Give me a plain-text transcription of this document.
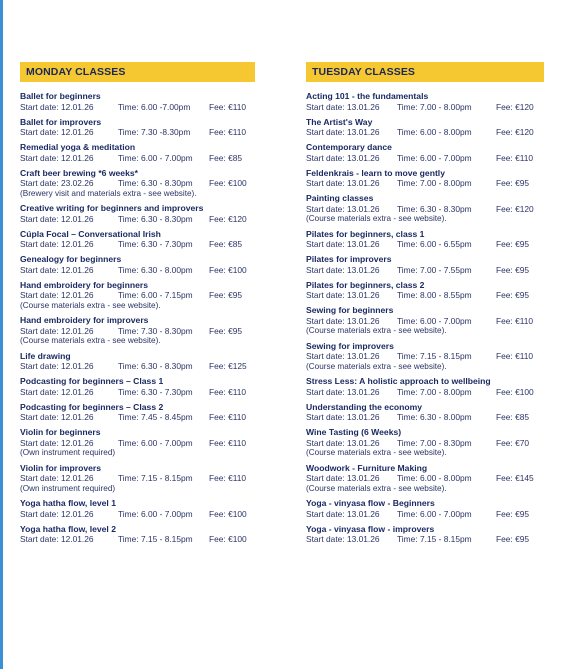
MONDAY CLASSES
Ballet for beginners
Start date: 12.01.26	Time: 6.00 -7.00pm Fee: €110
Ballet for improvers
Start date: 12.01.26	Time: 7.30 -8.30pm Fee: €110
Remedial yoga & meditation
Start date: 12.01.26	Time: 6.00 - 7.00pm Fee: €85
Craft beer brewing *6 weeks*
Start date: 23.02.26	Time: 6.30 - 8.30pm Fee: €100
(Brewery visit and materials extra - see website).
Creative writing for beginners and improvers
Start date: 12.01.26	Time: 6.30 - 8.30pm Fee: €120
Cúpla Focal – Conversational Irish
Start date: 12.01.26	Time: 6.30 - 7.30pm Fee: €85
Genealogy for beginners
Start date: 12.01.26	Time: 6.30 - 8.00pm Fee: €100
Hand embroidery for beginners
Start date: 12.01.26	Time: 6.00 - 7.15pm Fee: €95
(Course materials extra - see website).
Hand embroidery for improvers
Start date: 12.01.26	Time: 7.30 - 8.30pm Fee: €95
(Course materials extra - see website).
Life drawing
Start date: 12.01.26	Time: 6.30 - 8.30pm Fee: €125
Podcasting for beginners – Class 1
Start date: 12.01.26	Time: 6.30 - 7.30pm Fee: €110
Podcasting for beginners – Class 2
Start date: 12.01.26	Time: 7.45 - 8.45pm Fee: €110
Violin for beginners
Start date: 12.01.26	Time: 6.00 - 7.00pm Fee: €110
(Own instrument required)
Violin for improvers
Start date: 12.01.26	Time: 7.15 - 8.15pm Fee: €110
(Own instrument required)
Yoga hatha flow, level 1
Start date: 12.01.26	Time: 6.00 - 7.00pm Fee: €100
Yoga hatha flow, level 2
Start date: 12.01.26	Time: 7.15 - 8.15pm Fee: €100
TUESDAY CLASSES
Acting 101 - the fundamentals
Start date: 13.01.26 Time: 7.00 - 8.00pm	Fee: €120
The Artist's Way
Start date: 13.01.26 Time: 6.00 - 8.00pm	Fee: €120
Contemporary dance
Start date: 13.01.26 Time: 6.00 - 7.00pm	Fee: €110
Feldenkrais - learn to move gently
Start date: 13.01.26 Time: 7.00 - 8.00pm	Fee: €95
Painting classes
Start date: 13.01.26 Time: 6.30 - 8.30pm	Fee: €120
(Course materials extra - see website).
Pilates for beginners, class 1
Start date: 13.01.26 Time: 6.00 - 6.55pm	Fee: €95
Pilates for improvers
Start date: 13.01.26 Time: 7.00 - 7.55pm	Fee: €95
Pilates for beginners, class 2
Start date: 13.01.26 Time: 8.00 - 8.55pm	Fee: €95
Sewing for beginners
Start date: 13.01.26 Time: 6.00 - 7.00pm	Fee: €110
(Course materials extra - see website).
Sewing for improvers
Start date: 13.01.26 Time: 7.15 - 8.15pm	Fee: €110
(Course materials extra - see website).
Stress Less: A holistic approach to wellbeing
Start date: 13.01.26 Time: 7.00 - 8.00pm	Fee: €100
Understanding the economy
Start date: 13.01.26 Time: 6.30 - 8.00pm	Fee: €85
Wine Tasting (6 Weeks)
Start date: 13.01.26 Time: 7.00 - 8.30pm	Fee: €70
(Course materials extra - see website).
Woodwork - Furniture Making
Start date: 13.01.26 Time: 6.00 - 8.00pm	Fee: €145
(Course materials extra - see website).
Yoga - vinyasa flow - Beginners
Start date: 13.01.26 Time: 6.00 - 7.00pm	Fee: €95
Yoga - vinyasa flow - improvers
Start date: 13.01.26 Time: 7.15 - 8.15pm	Fee: €95
